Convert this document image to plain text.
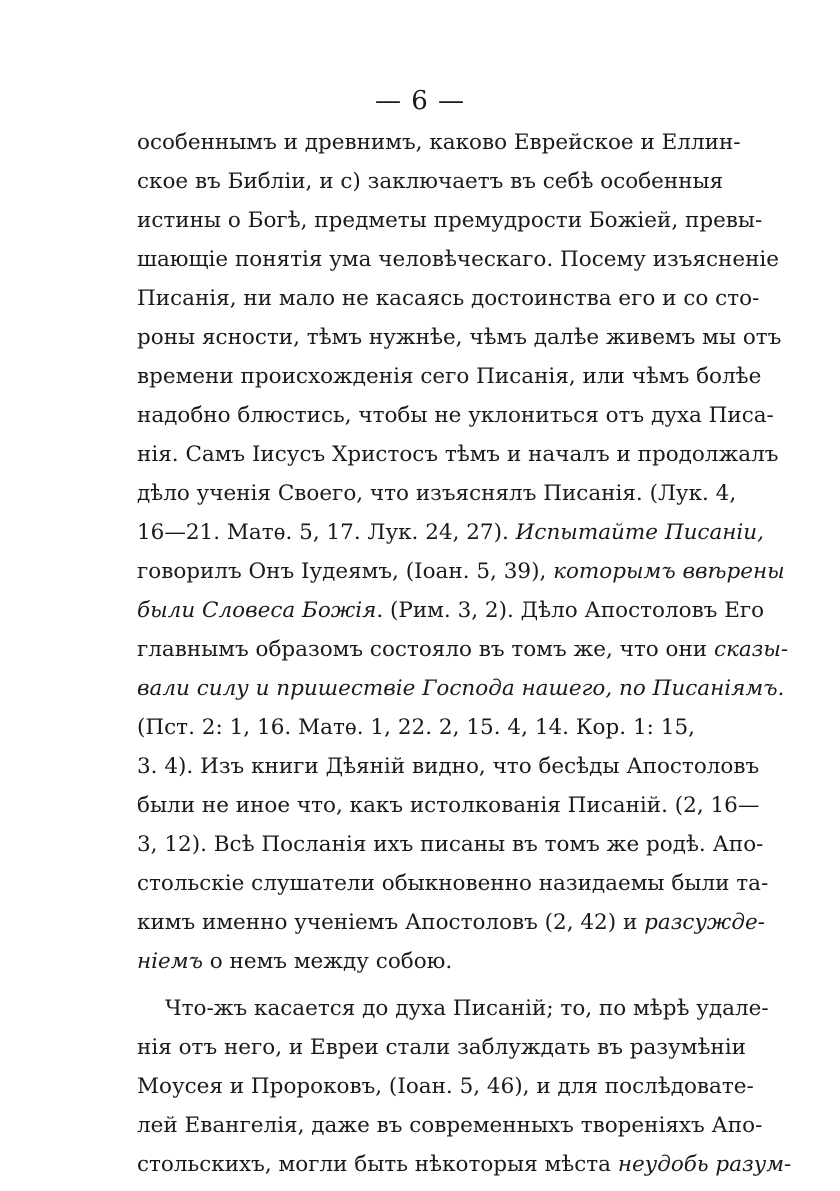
— 6 —
особеннымъ и древнимъ, каково Еврейское и Еллин-
ское въ Библіи, и с) заключаетъ въ себѣ особенныя
истины о Богѣ, предметы премудрости Божіей, превы-
шающіе понятія ума человѣческаго. Посему изъясненіе
Писанія, ни мало не касаясь достоинства его и со сто-
роны ясности, тѣмъ нужнѣе, чѣмъ далѣе живемъ мы отъ
времени происхожденія сего Писанія, или чѣмъ болѣе
надобно блюстись, чтобы не уклониться отъ духа Писа-
нія. Самъ Іисусъ Христосъ тѣмъ и началъ и продолжалъ
дѣло ученія Своего, что изъяснялъ Писанія. (Лук. 4,
16—21. Матѳ. 5, 17. Лук. 24, 27). Испытайте Писаніи,
говорилъ Онъ Іудеямъ, (Іоан. 5, 39), которымъ ввѣрены
были Словеса Божія. (Рим. 3, 2). Дѣло Апостоловъ Его
главнымъ образомъ состояло въ томъ же, что они сказы-
вали силу и пришествіе Господа нашего, по Писаніямъ.
(Пст. 2: 1, 16. Матѳ. 1, 22. 2, 15. 4, 14. Кор. 1: 15,
3. 4). Изъ книги Дѣяній видно, что бесѣды Апостоловъ
были не иное что, какъ истолкованія Писаній. (2, 16—
3, 12). Всѣ Посланія ихъ писаны въ томъ же родѣ. Апо-
стольскіе слушатели обыкновенно назидаемы были та-
кимъ именно ученіемъ Апостоловъ (2, 42) и разсужде-
ніемъ о немъ между собою.
Что-жъ касается до духа Писаній; то, по мѣрѣ удале-
нія отъ него, и Евреи стали заблуждать въ разумѣніи
Моусея и Пророковъ, (Іоан. 5, 46), и для послѣдовате-
лей Евангелія, даже въ современныхъ твореніяхъ Апо-
стольскихъ, могли быть нѣкоторыя мѣста неудобь разум-
